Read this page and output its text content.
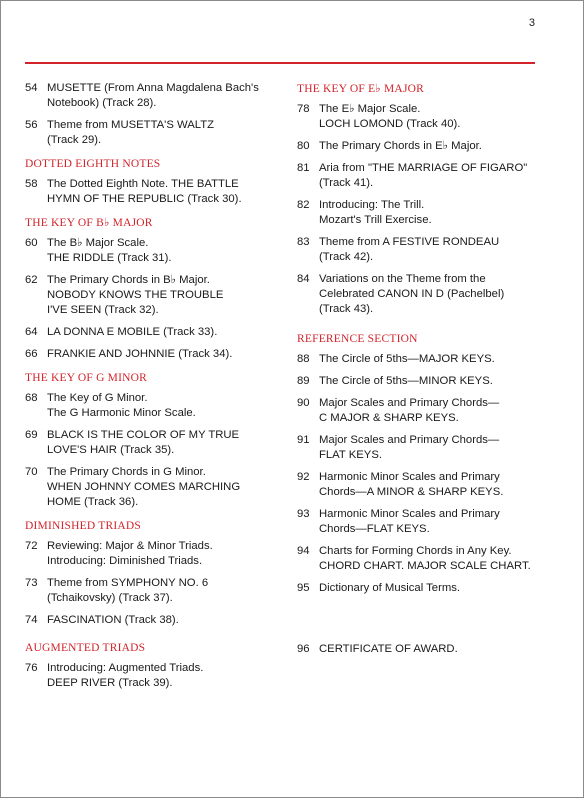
3
54 MUSETTE (From Anna Magdalena Bach's
Notebook) (Track 28).
56 Theme from MUSETTA'S WALTZ
(Track 29).
DOTTED EIGHTH NOTES
58 The Dotted Eighth Note. THE BATTLE
HYMN OF THE REPUBLIC (Track 30).
THE KEY OF B♭ MAJOR
60 The B♭ Major Scale.
THE RIDDLE (Track 31).
62 The Primary Chords in B♭ Major.
NOBODY KNOWS THE TROUBLE
I'VE SEEN (Track 32).
64 LA DONNA E MOBILE (Track 33).
66 FRANKIE AND JOHNNIE (Track 34).
THE KEY OF G MINOR
68 The Key of G Minor.
The G Harmonic Minor Scale.
69 BLACK IS THE COLOR OF MY TRUE
LOVE'S HAIR (Track 35).
70 The Primary Chords in G Minor.
WHEN JOHNNY COMES MARCHING
HOME (Track 36).
DIMINISHED TRIADS
72 Reviewing: Major & Minor Triads.
Introducing: Diminished Triads.
73 Theme from SYMPHONY NO. 6
(Tchaikovsky) (Track 37).
74 FASCINATION (Track 38).
AUGMENTED TRIADS
76 Introducing: Augmented Triads.
DEEP RIVER (Track 39).
THE KEY OF E♭ MAJOR
78 The E♭ Major Scale.
LOCH LOMOND (Track 40).
80 The Primary Chords in E♭ Major.
81 Aria from "THE MARRIAGE OF FIGARO"
(Track 41).
82 Introducing: The Trill.
Mozart's Trill Exercise.
83 Theme from A FESTIVE RONDEAU
(Track 42).
84 Variations on the Theme from the
Celebrated CANON IN D (Pachelbel)
(Track 43).
REFERENCE SECTION
88 The Circle of 5ths—MAJOR KEYS.
89 The Circle of 5ths—MINOR KEYS.
90 Major Scales and Primary Chords—
C MAJOR & SHARP KEYS.
91 Major Scales and Primary Chords—
FLAT KEYS.
92 Harmonic Minor Scales and Primary
Chords—A MINOR & SHARP KEYS.
93 Harmonic Minor Scales and Primary
Chords—FLAT KEYS.
94 Charts for Forming Chords in Any Key.
CHORD CHART. MAJOR SCALE CHART.
95 Dictionary of Musical Terms.
96 CERTIFICATE OF AWARD.
